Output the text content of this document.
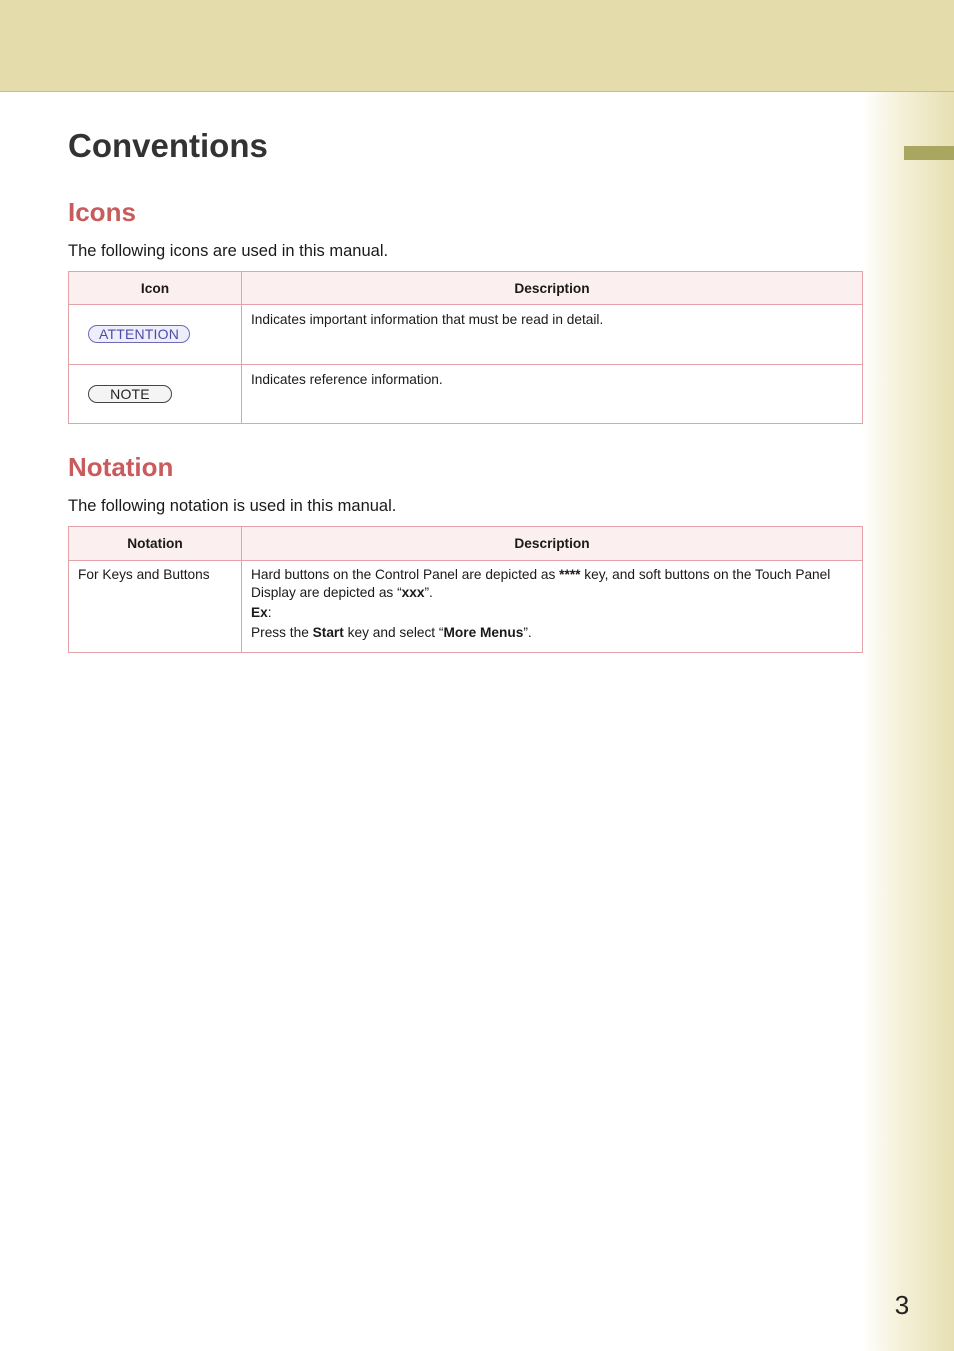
Conventions
Icons

The following icons are used in this manual.

Icon	Description
ATTENTION	Indicates important information that must be read in detail.
NOTE	Indicates reference information.
Notation

The following notation is used in this manual.

Notation	Description
For Keys and Buttons	Hard buttons on the Control Panel are depicted as **** key, and soft buttons on the Touch Panel Display are depicted as “xxx”.
Ex:
Press the Start key and select “More Menus”.
3
